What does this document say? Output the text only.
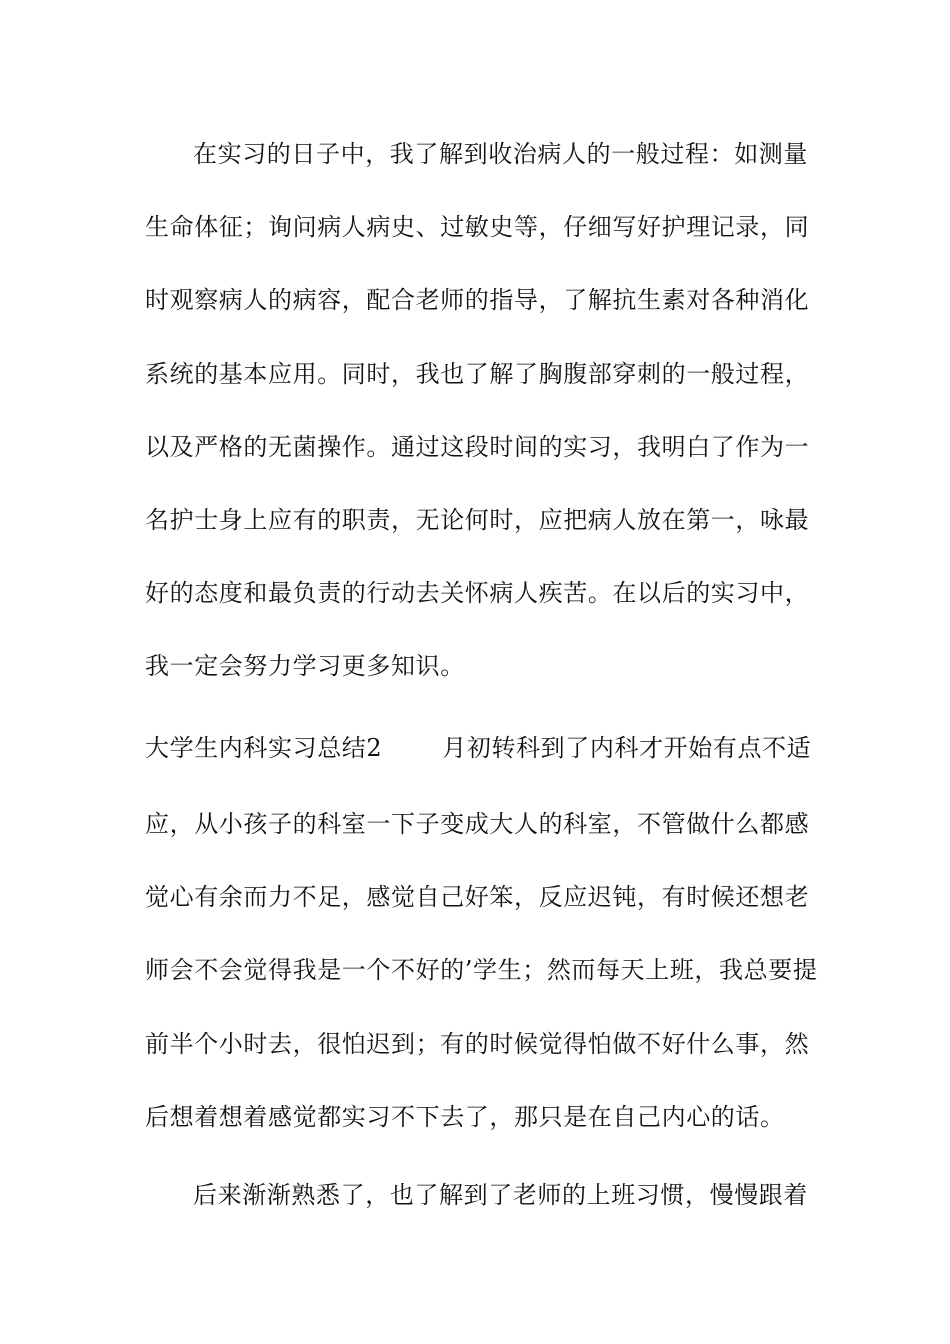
在实习的日子中，我了解到收治病人的一般过程：如测量
生命体征；询问病人病史、过敏史等，仔细写好护理记录，同
时观察病人的病容，配合老师的指导，了解抗生素对各种消化
系统的基本应用。同时，我也了解了胸腹部穿刺的一般过程，
以及严格的无菌操作。通过这段时间的实习，我明白了作为一
名护士身上应有的职责，无论何时，应把病人放在第一，咏最
好的态度和最负责的行动去关怀病人疾苦。在以后的实习中，
我一定会努力学习更多知识。
大学生内科实习总结2	月初转科到了内科才开始有点不适
应，从小孩子的科室一下子变成大人的科室，不管做什么都感
觉心有余而力不足，感觉自己好笨，反应迟钝，有时候还想老
师会不会觉得我是一个不好的’学生；然而每天上班，我总要提
前半个小时去，很怕迟到；有的时候觉得怕做不好什么事，然
后想着想着感觉都实习不下去了，那只是在自己内心的话。
后来渐渐熟悉了，也了解到了老师的上班习惯，慢慢跟着
